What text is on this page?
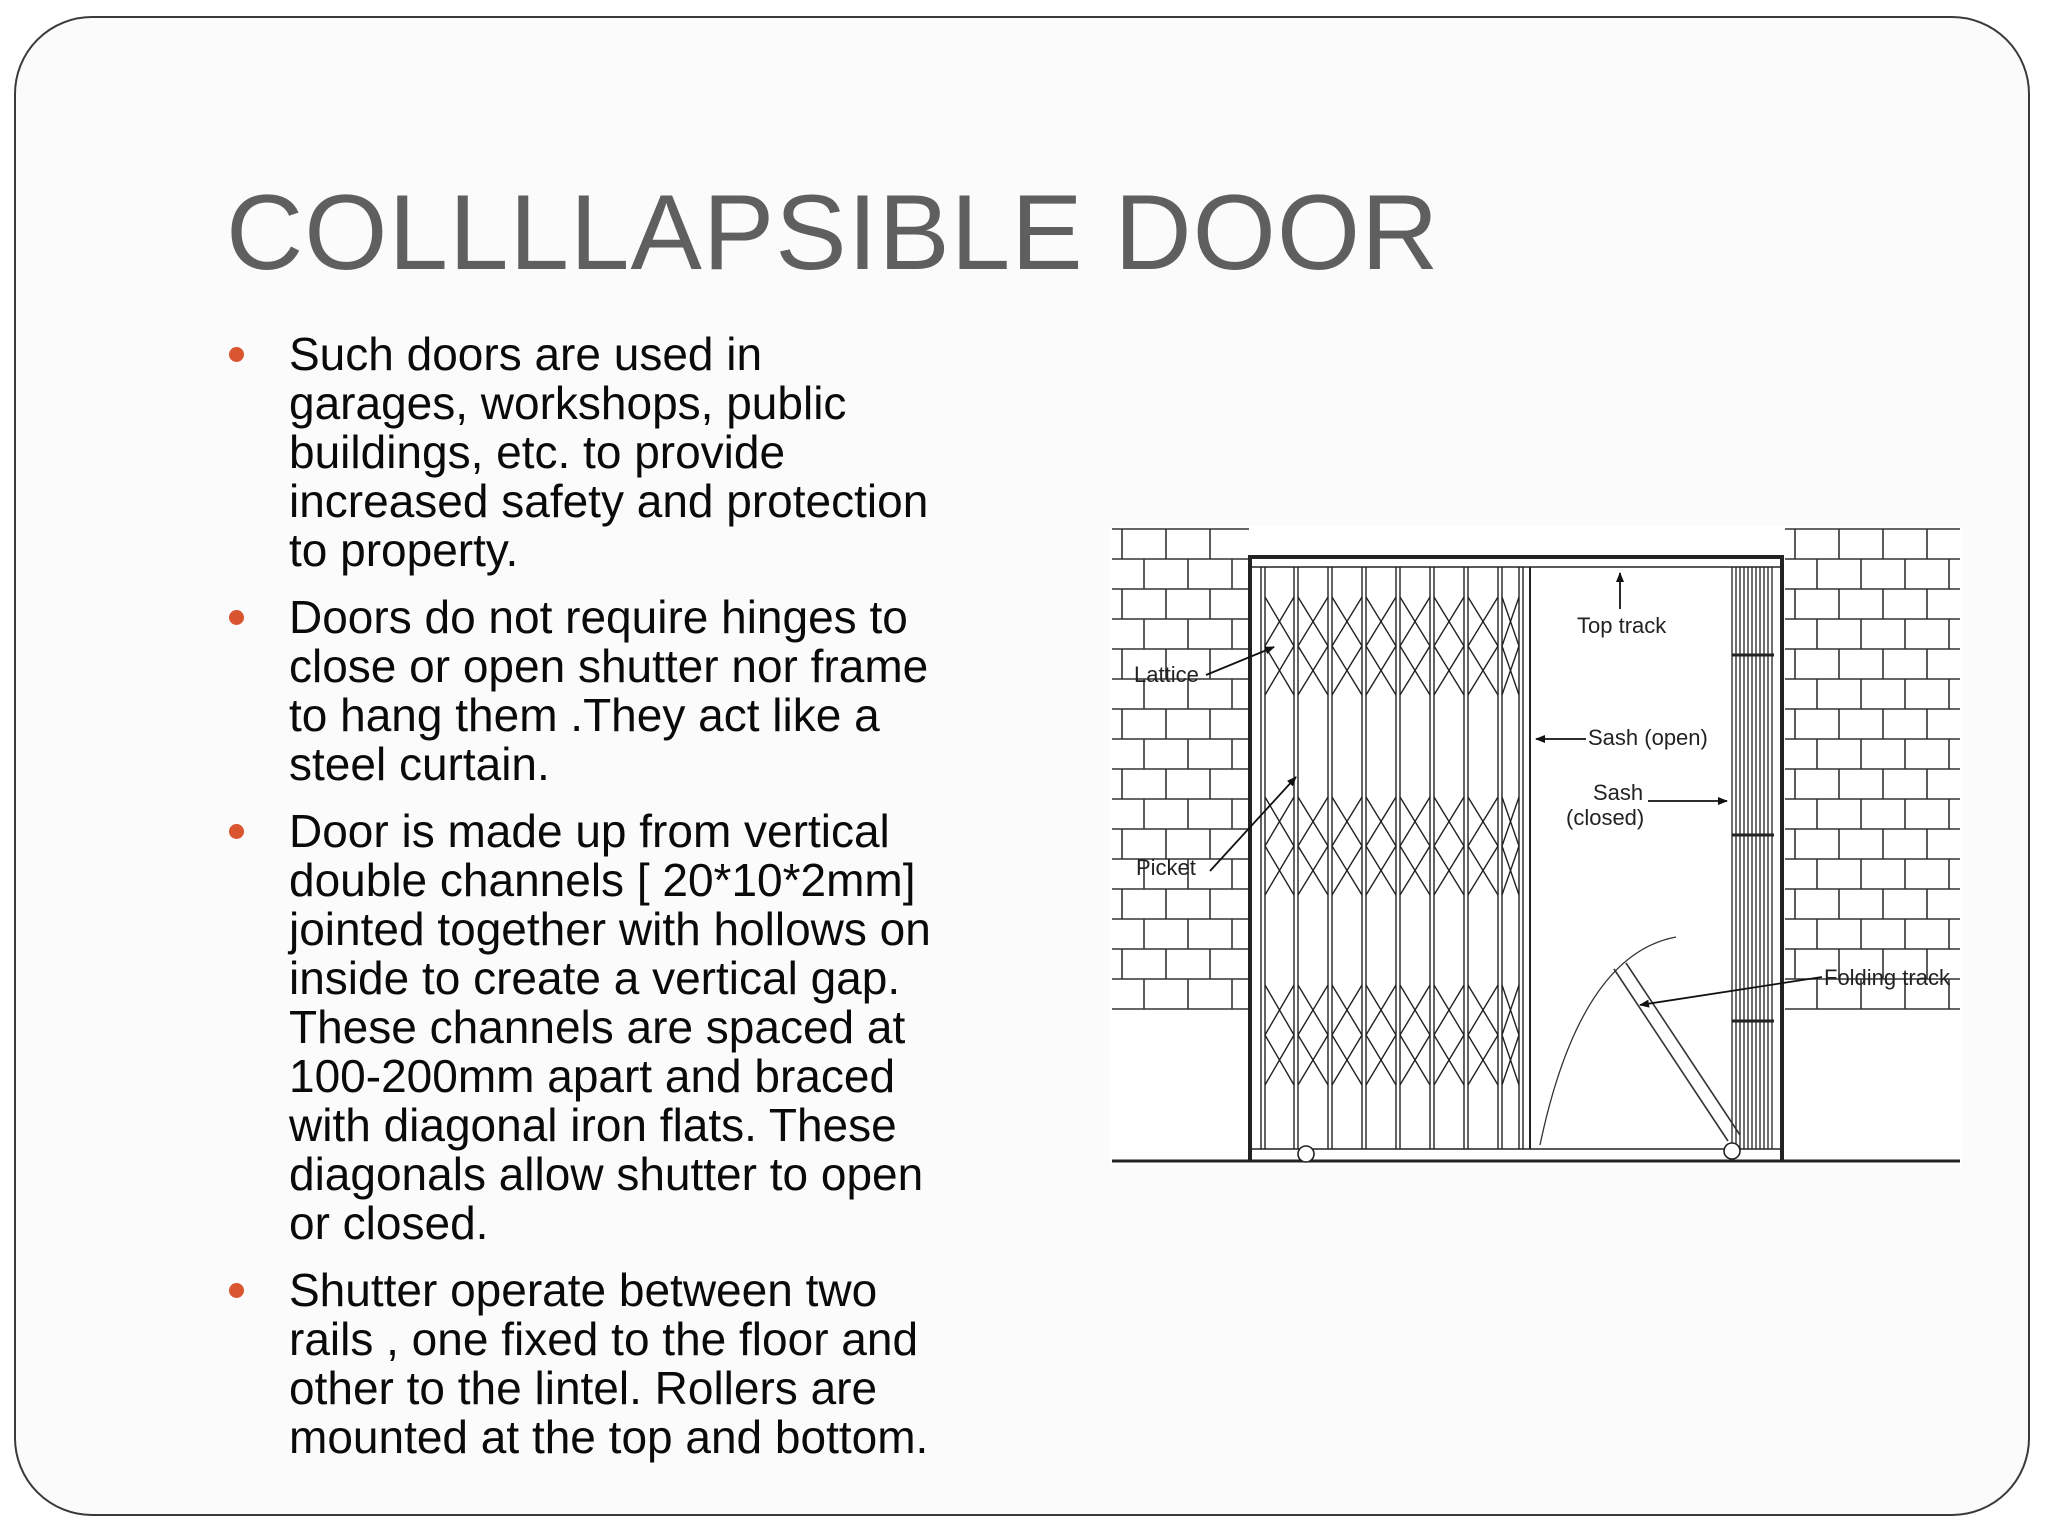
COLLLLAPSIBLE DOOR
Such doors are used in
garages, workshops, public
buildings, etc. to provide
increased safety and protection
to property.
Doors do not require hinges to
close or open shutter nor frame
to hang them .They act like a
steel curtain.
Door is made up from vertical
double channels [ 20*10*2mm]
jointed together with hollows on
inside to create a vertical gap.
These channels are spaced at
100-200mm apart and braced
with diagonal iron flats. These
diagonals allow shutter to open
or closed.
Shutter operate between two
rails , one fixed to the floor and
other to the lintel. Rollers are
mounted at the top and bottom.
Top track
Lattice
Sash (open)
Sash
(closed)
Picket
Folding track
